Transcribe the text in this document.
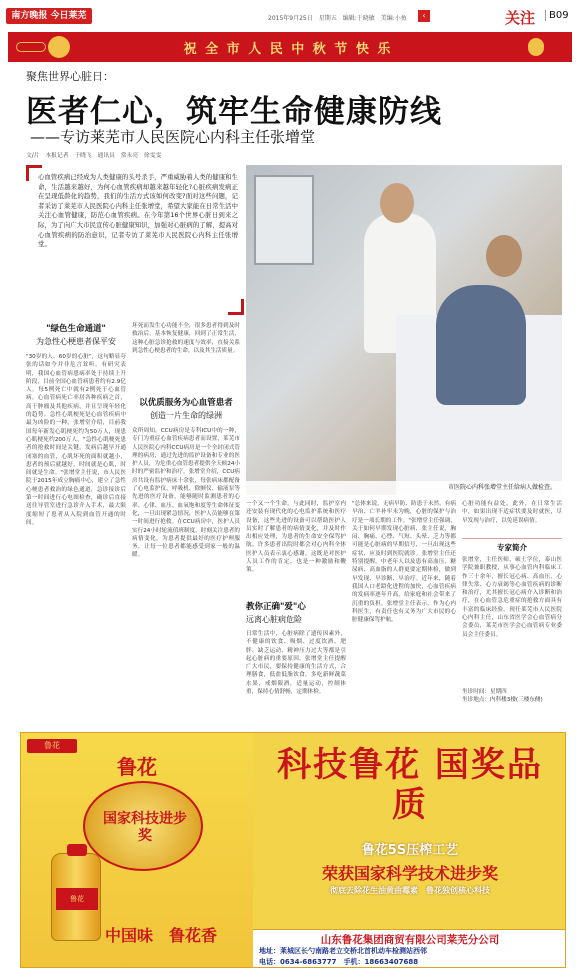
南方晚报 今日莱芜	2015年9月25日　星期五　编辑:于晓敏　美编:小鱼	‹	关注	B09
祝 全 市 人 民 中 秋 节 快 乐
聚焦世界心脏日：
医者仁心，筑牢生命健康防线
——专访莱芜市人民医院心内科主任张增堂
文/片　本报记者　于晓飞　通讯员　常永亮　徐雯雯
心血管疾病已经成为人类健康的头号杀手，严重威胁着人类的健康和生命，生活越来越好，为何心血管疾病却越来越年轻化?心脏疾病发病正在呈现低龄化的趋势，我们的生活方式该如何改变?面对这些问题，记者采访了莱芜市人民医院心内科主任张增堂，希望大家能在日常生活中关注心血管健康，防范心血管疾病。在今年第16个世界心脏日到来之际，为了向广大市民宣传心脏健康知识，加强对心脏病的了解，提高对心血管疾病的防治意识，记者专访了莱芜市人民医院心内科主任张增堂。
市医院心内科张增堂主任给病人做检查。
"绿色生命通道"
为急性心梗患者保平安
"30岁的人、60岁的心脏"，这句略显夸张的话如今并非危言耸听。有研究表明，我国心血管病患病率处于持续上升阶段，目前全国心血管病患者约有2.9亿人，每5例死亡中就有2例死于心血管病。心血管病死亡率居各种疾病之首，高于肿瘤及其他疾病，并且呈现年轻化的趋势。急性心肌梗死是心血管疾病中最为凶险的一种，张增堂介绍，目前我国每年新发心肌梗死约为50万人，现患心肌梗死约200万人。"急性心肌梗死患者的抢救时间是关键，发病后越早开通闭塞的血管，心肌坏死的面积就越小，患者的预后就越好，时间就是心肌，时间就是生命。"张增堂主任说，市人民医院于2015年成立胸痛中心，建立了急性心梗患者救治的绿色通道，急诊接诊后第一时间进行心电图检查，确诊后直接送往导管室进行急诊介入手术，最大限度缩短了患者从入院到血管开通的时间。
坏死而发生心功能不全，很多患者得到及时救治后，基本恢复健康，回到了正常生活，这种心脏急诊抢救的速度与效率，直接关系到急性心梗患者的生命，以及其生活质量。
以优质服务为心血管患者
创造一片生命的绿洲
众所周知，CCU病房是专科ICU中的一种，专门为重症心血管疾病患者而设置，莱芜市人民医院心内科CCU病房是一个全封闭式管理的病房，通过先进的监护设备和专业的医护人员，为危重心血管患者提供全天候24小时的严密监护和治疗。张增堂介绍，CCU病房共设有监护病床十余张，每张病床都配备了心电监护仪、呼吸机、除颤仪、输液泵等先进的医疗设备，能够随时监测患者的心率、心律、血压、血氧饱和度等生命体征变化，一旦出现紧急情况，医护人员能够在第一时间进行抢救。在CCU病房中，医护人员实行24小时轮流值班制度，时刻关注患者的病情变化，为患者提供最好的医疗护理服务，让每一位患者都能感受到家一般的温暖。
一个又一个生命。与此同时，监护室内还安装有现代化的心电监护系统和医疗设备，这些先进的设备可以帮助医护人员实时了解患者的病情变化，并及时作出相应处理，为患者的生命安全保驾护航。许多患者出院时都会对心内科全体医护人员表示衷心感谢，这既是对医护人员工作的肯定，也是一种激励和鞭策。
教你正确"爱"心
远离心脏病危险
日常生活中，心脏病除了遗传因素外，不健康的饮食、吸烟、过度饮酒、肥胖、缺乏运动、精神压力过大等都是引起心脏病的重要原因。张增堂主任提醒广大市民，要保持健康的生活方式，合理膳食，低盐低脂饮食，多吃新鲜蔬菜水果，戒烟限酒，适量运动，控制体重，保持心情舒畅，定期体检。
"总体来说，无病早防、防患于未然、有病早治、亡羊补牢未为晚，心脏的保护与治疗是一项长期的工作。"张增堂主任强调，关于如何早期发现心脏病，张主任说，胸闷、胸痛、心悸、气短、头晕、乏力等都可能是心脏病的早期信号，一旦出现这些症状，应及时到医院就诊。张增堂主任还特别提醒，中老年人以及患有高血压、糖尿病、高血脂的人群更要定期体检，做到早发现、早诊断、早治疗。近年来，随着我国人口老龄化进程的加快，心血管疾病的发病率逐年升高，给家庭和社会带来了沉重的负担。张增堂主任表示，作为心内科医生，有责任也有义务为广大市民的心脏健康保驾护航。
心脏功能有益处。此外，在日常生活中，如果出现不适症状要及时就医，尽早发现与治疗，以免延误病情。
专家简介
张增堂，主任医师，硕士学位，泰山医学院兼职教授，从事心血管内科临床工作三十余年，擅长冠心病、高血压、心律失常、心力衰竭等心血管疾病的诊断和治疗，尤其擅长冠心病介入诊断和治疗，在心血管急危重症的抢救方面具有丰富的临床经验。现任莱芜市人民医院心内科主任，山东省医学会心血管病分会委员，莱芜市医学会心血管病专业委员会主任委员。
坐诊时间：星期四
坐诊地点：内科楼3楼(三楼东侧)
鲁花
鲁花
国家科技进步奖
鲁花
中国味　鲁花香
科技鲁花 国奖品质
鲁花5S压榨工艺
荣获国家科学技术进步奖
彻底去除花生油黄曲霉素　鲁花独创核心科技
山东鲁花集团商贸有限公司莱芜分公司
地址：莱城区长勺南路老立交桥北首机动车检测站西邻
电话：0634-6863777　手机：18663407688
